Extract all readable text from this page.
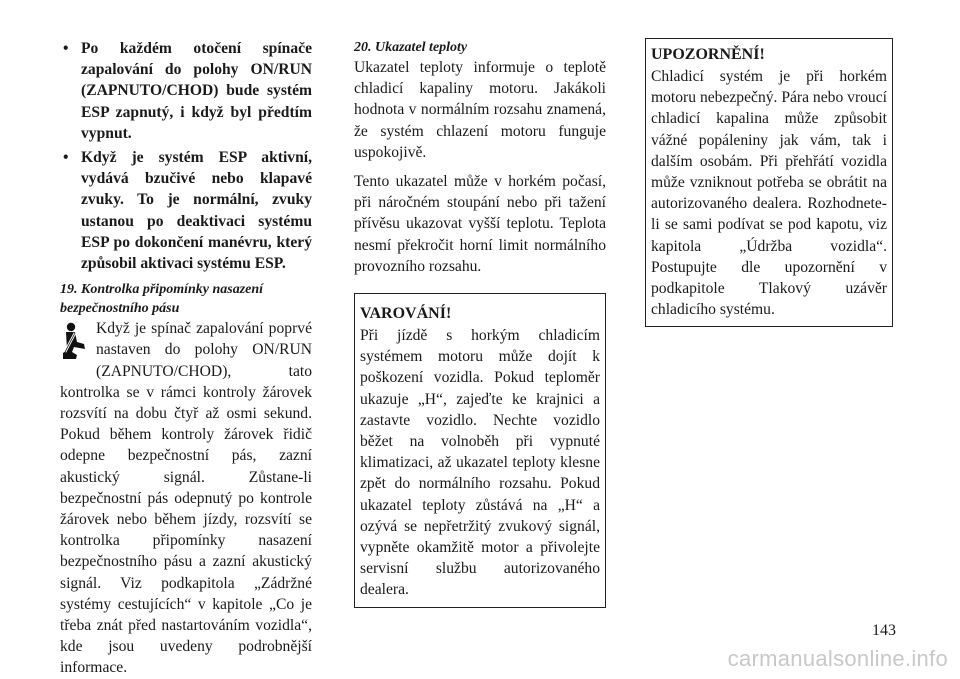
• Po každém otočení spínače zapalování do polohy ON/RUN (ZAPNUTO/CHOD) bude systém ESP zapnutý, i když byl předtím vypnut.
• Když je systém ESP aktivní, vydává bzučivé nebo klapavé zvuky. To je normální, zvuky ustanou po deaktivaci systému ESP po dokončení manévru, který způsobil aktivaci systému ESP.
19. Kontrolka připomínky nasazení bezpečnostního pásu

Když je spínač zapalování poprvé nastaven do polohy ON/RUN (ZAPNUTO/CHOD), tato kontrolka se v rámci kontroly žárovek rozsvítí na dobu čtyř až osmi sekund. Pokud během kontroly žárovek řidič odepne bezpečnostní pás, zazní akustický signál. Zůstane-li bezpečnostní pás odepnutý po kontrole žárovek nebo během jízdy, rozsvítí se kontrolka připomínky nasazení bezpečnostního pásu a zazní akustický signál. Viz podkapitola „Zádržné systémy cestujících“ v kapitole „Co je třeba znát před nastartováním vozidla“, kde jsou uvedeny podrobnější informace.

20. Ukazatel teploty

Ukazatel teploty informuje o teplotě chladicí kapaliny motoru. Jakákoli hodnota v normálním rozsahu znamená, že systém chlazení motoru funguje uspokojivě.

Tento ukazatel může v horkém počasí, při náročném stoupání nebo při tažení přívěsu ukazovat vyšší teplotu. Teplota nesmí překročit horní limit normálního provozního rozsahu.

VAROVÁNÍ!

Při jízdě s horkým chladicím systémem motoru může dojít k poškození vozidla. Pokud teploměr ukazuje „H“, zajeďte ke krajnici a zastavte vozidlo. Nechte vozidlo běžet na volnoběh při vypnuté klimatizaci, až ukazatel teploty klesne zpět do normálního rozsahu. Pokud ukazatel teploty zůstává na „H“ a ozývá se nepřetržitý zvukový signál, vypněte okamžitě motor a přivolejte servisní službu autorizovaného dealera.

UPOZORNĚNÍ!

Chladicí systém je při horkém motoru nebezpečný. Pára nebo vroucí chladicí kapalina může způsobit vážné popáleniny jak vám, tak i dalším osobám. Při přehřátí vozidla může vzniknout potřeba se obrátit na autorizovaného dealera. Rozhodnete-li se sami podívat se pod kapotu, viz kapitola „Údržba vozidla“. Postupujte dle upozornění v podkapitole Tlakový uzávěr chladicího systému.

143
carmanualsonline.info
